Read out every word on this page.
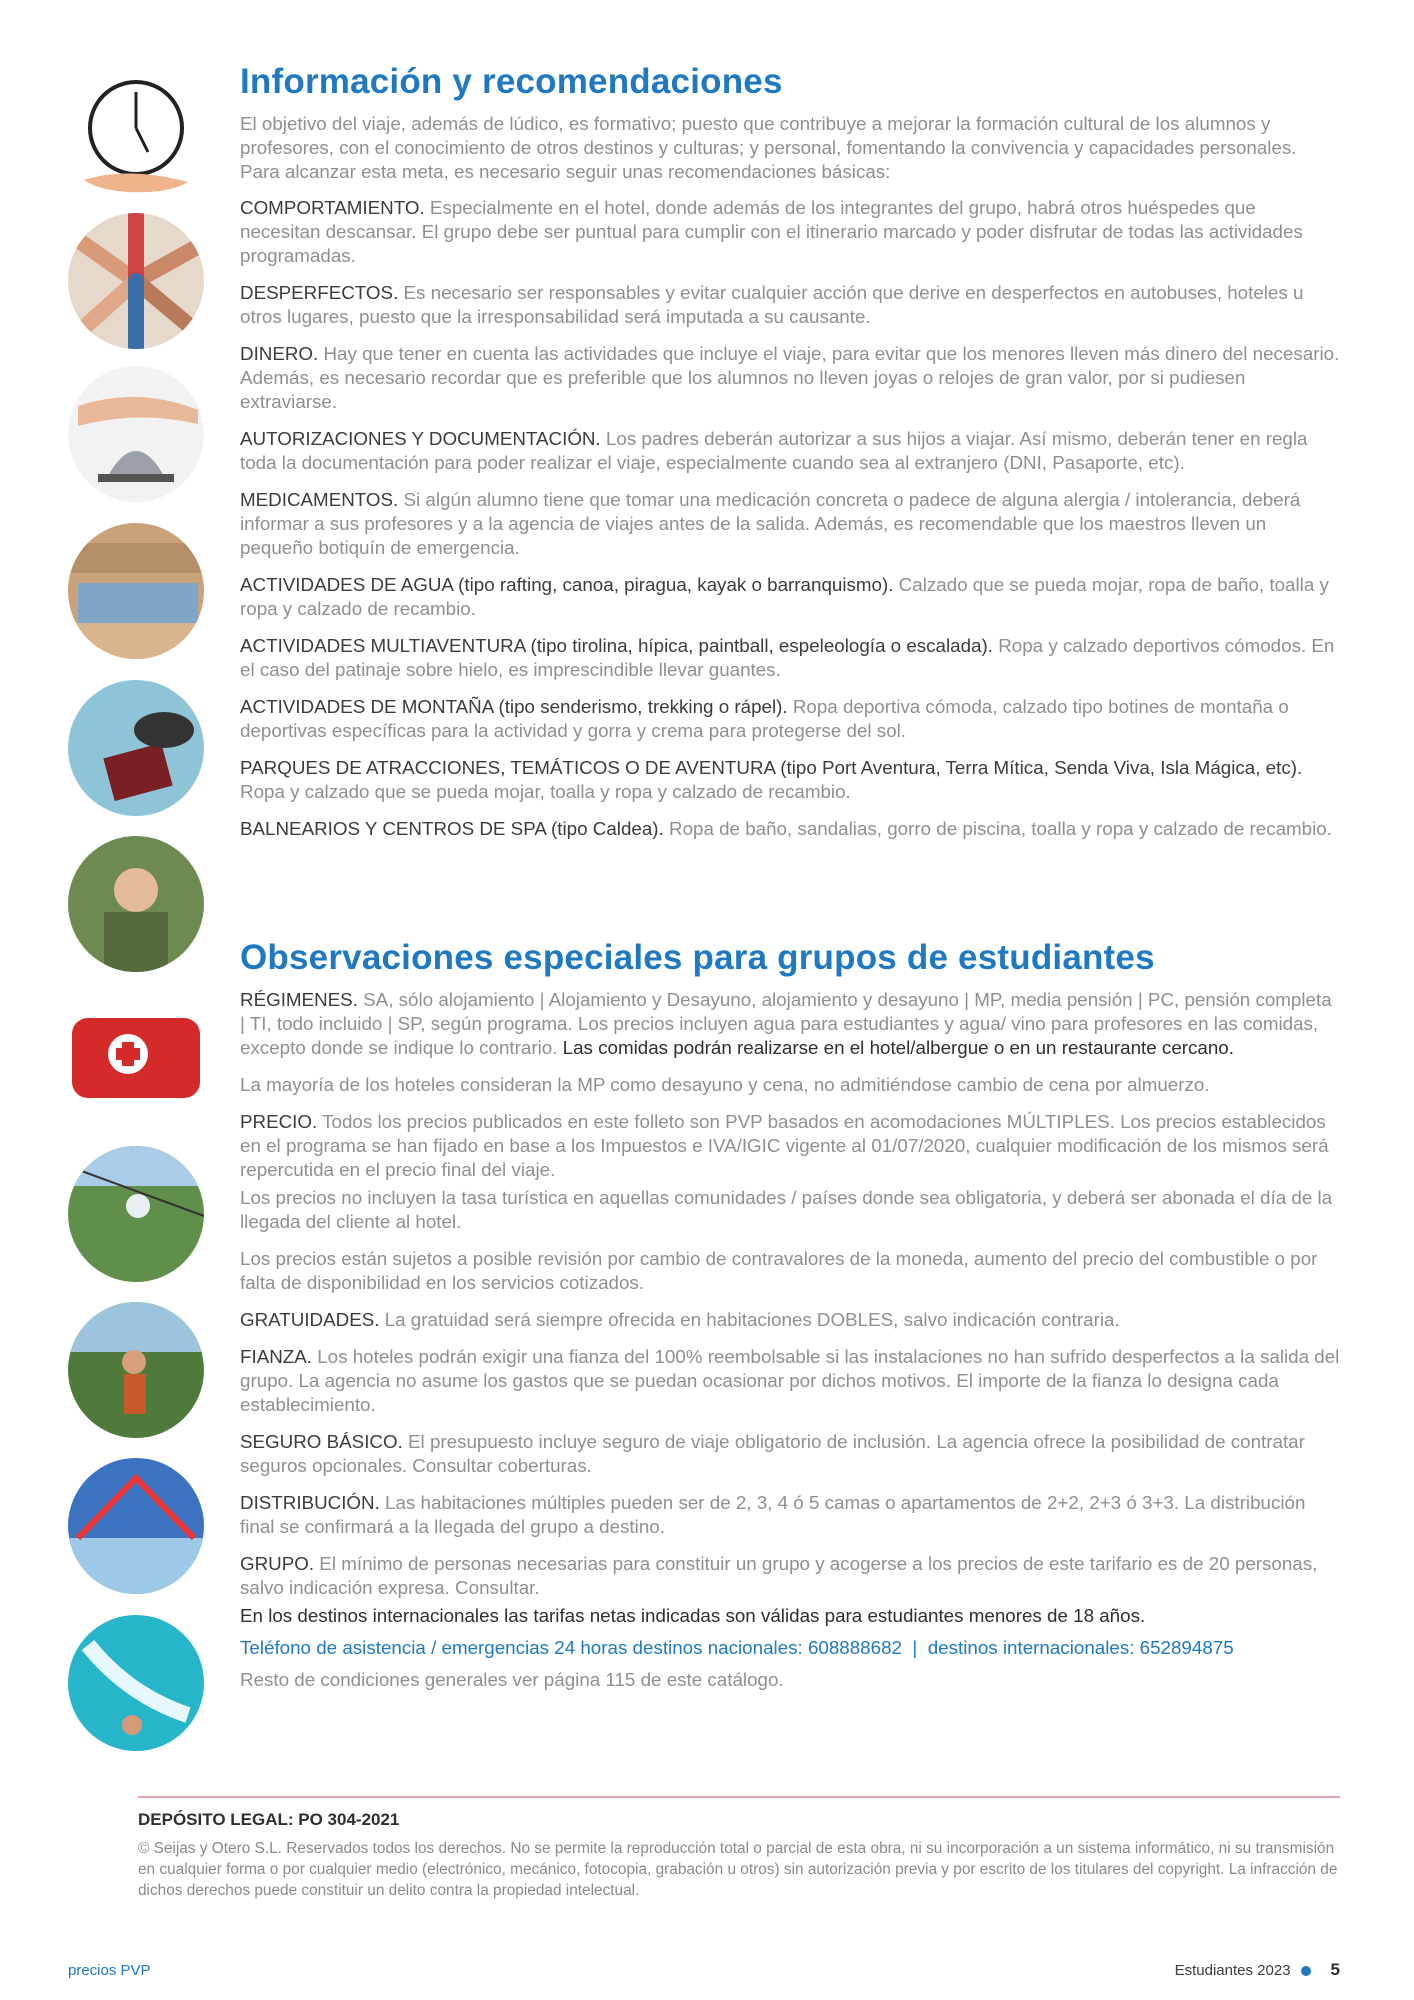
Información y recomendaciones

El objetivo del viaje, además de lúdico, es formativo; puesto que contribuye a mejorar la formación cultural de los alumnos y profesores, con el conocimiento de otros destinos y culturas; y personal, fomentando la convivencia y capacidades personales. Para alcanzar esta meta, es necesario seguir unas recomendaciones básicas:

COMPORTAMIENTO. Especialmente en el hotel, donde además de los integrantes del grupo, habrá otros huéspedes que necesitan descansar. El grupo debe ser puntual para cumplir con el itinerario marcado y poder disfrutar de todas las actividades programadas.

DESPERFECTOS. Es necesario ser responsables y evitar cualquier acción que derive en desperfectos en autobuses, hoteles u otros lugares, puesto que la irresponsabilidad será imputada a su causante.

DINERO. Hay que tener en cuenta las actividades que incluye el viaje, para evitar que los menores lleven más dinero del necesario. Además, es necesario recordar que es preferible que los alumnos no lleven joyas o relojes de gran valor, por si pudiesen extraviarse.

AUTORIZACIONES Y DOCUMENTACIÓN. Los padres deberán autorizar a sus hijos a viajar. Así mismo, deberán tener en regla toda la documentación para poder realizar el viaje, especialmente cuando sea al extranjero (DNI, Pasaporte, etc).

MEDICAMENTOS. Si algún alumno tiene que tomar una medicación concreta o padece de alguna alergia / intolerancia, deberá informar a sus profesores y a la agencia de viajes antes de la salida. Además, es recomendable que los maestros lleven un pequeño botiquín de emergencia.

ACTIVIDADES DE AGUA (tipo rafting, canoa, piragua, kayak o barranquismo). Calzado que se pueda mojar, ropa de baño, toalla y ropa y calzado de recambio.

ACTIVIDADES MULTIAVENTURA (tipo tirolina, hípica, paintball, espeleología o escalada). Ropa y calzado deportivos cómodos. En el caso del patinaje sobre hielo, es imprescindible llevar guantes.

ACTIVIDADES DE MONTAÑA (tipo senderismo, trekking o rápel). Ropa deportiva cómoda, calzado tipo botines de montaña o deportivas específicas para la actividad y gorra y crema para protegerse del sol.

PARQUES DE ATRACCIONES, TEMÁTICOS O DE AVENTURA (tipo Port Aventura, Terra Mítica, Senda Viva, Isla Mágica, etc). Ropa y calzado que se pueda mojar, toalla y ropa y calzado de recambio.

BALNEARIOS Y CENTROS DE SPA (tipo Caldea). Ropa de baño, sandalias, gorro de piscina, toalla y ropa y calzado de recambio.

Observaciones especiales para grupos de estudiantes

RÉGIMENES. SA, sólo alojamiento | Alojamiento y Desayuno, alojamiento y desayuno | MP, media pensión | PC, pensión completa | TI, todo incluido | SP, según programa. Los precios incluyen agua para estudiantes y agua/ vino para profesores en las comidas, excepto donde se indique lo contrario. Las comidas podrán realizarse en el hotel/albergue o en un restaurante cercano.

La mayoría de los hoteles consideran la MP como desayuno y cena, no admitiéndose cambio de cena por almuerzo.

PRECIO. Todos los precios publicados en este folleto son PVP basados en acomodaciones MÚLTIPLES. Los precios establecidos en el programa se han fijado en base a los Impuestos e IVA/IGIC vigente al 01/07/2020, cualquier modificación de los mismos será repercutida en el precio final del viaje.

Los precios no incluyen la tasa turística en aquellas comunidades / países donde sea obligatoria, y deberá ser abonada el día de la llegada del cliente al hotel.

Los precios están sujetos a posible revisión por cambio de contravalores de la moneda, aumento del precio del combustible o por falta de disponibilidad en los servicios cotizados.

GRATUIDADES. La gratuidad será siempre ofrecida en habitaciones DOBLES, salvo indicación contraria.

FIANZA. Los hoteles podrán exigir una fianza del 100% reembolsable si las instalaciones no han sufrido desperfectos a la salida del grupo. La agencia no asume los gastos que se puedan ocasionar por dichos motivos. El importe de la fianza lo designa cada establecimiento.

SEGURO BÁSICO. El presupuesto incluye seguro de viaje obligatorio de inclusión. La agencia ofrece la posibilidad de contratar seguros opcionales. Consultar coberturas.

DISTRIBUCIÓN. Las habitaciones múltiples pueden ser de 2, 3, 4 ó 5 camas o apartamentos de 2+2, 2+3 ó 3+3. La distribución final se confirmará a la llegada del grupo a destino.

GRUPO. El mínimo de personas necesarias para constituir un grupo y acogerse a los precios de este tarifario es de 20 personas, salvo indicación expresa. Consultar.

En los destinos internacionales las tarifas netas indicadas son válidas para estudiantes menores de 18 años.

Teléfono de asistencia / emergencias 24 horas destinos nacionales: 608888682  |  destinos internacionales: 652894875

Resto de condiciones generales ver página 115 de este catálogo.

DEPÓSITO LEGAL: PO 304-2021
© Seijas y Otero S.L. Reservados todos los derechos. No se permite la reproducción total o parcial de esta obra, ni su incorporación a un sistema informático, ni su transmisión en cualquier forma o por cualquier medio (electrónico, mecánico, fotocopia, grabación u otros) sin autorización previa y por escrito de los titulares del copyright. La infracción de dichos derechos puede constituir un delito contra la propiedad intelectual.
precios PVP	Estudiantes 2023 5
